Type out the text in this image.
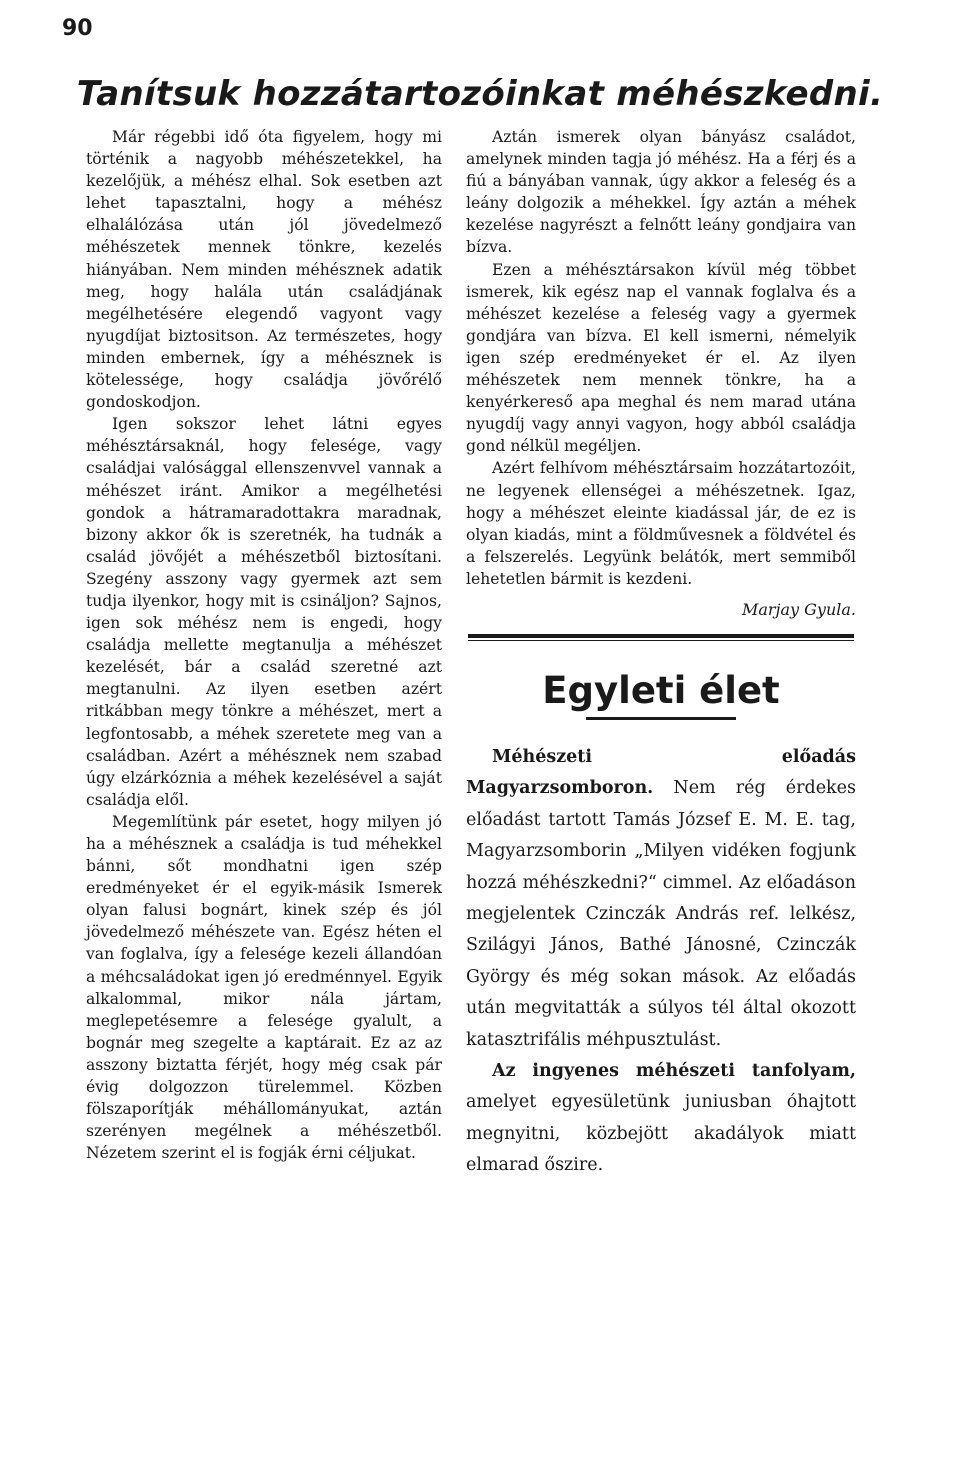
90
Tanítsuk hozzátartozóinkat méhészkedni.

Már régebbi idő óta figyelem, hogy mi történik a nagyobb méhészetekkel, ha kezelőjük, a méhész elhal. Sok esetben azt lehet tapasztalni, hogy a méhész elhalálózása után jól jövedelmező méhészetek mennek tönkre, kezelés hiányában. Nem minden méhésznek adatik meg, hogy halála után családjának megélhetésére elegendő vagyont vagy nyugdíjat biztositson. Az természetes, hogy minden embernek, így a méhésznek is kötelessége, hogy családja jövőrélő gondoskodjon.

Igen sokszor lehet látni egyes méhésztársaknál, hogy felesége, vagy családjai valósággal ellenszenvvel vannak a méhészet iránt. Amikor a megélhetési gondok a hátramaradottakra maradnak, bizony akkor ők is szeretnék, ha tudnák a család jövőjét a méhészetből biztosítani. Szegény asszony vagy gyermek azt sem tudja ilyenkor, hogy mit is csináljon? Sajnos, igen sok méhész nem is engedi, hogy családja mellette megtanulja a méhészet kezelését, bár a család szeretné azt megtanulni. Az ilyen esetben azért ritkábban megy tönkre a méhészet, mert a legfontosabb, a méhek szeretete meg van a családban. Azért a méhésznek nem szabad úgy elzárkóznia a méhek kezelésével a saját családja elől.

Megemlítünk pár esetet, hogy milyen jó ha a méhésznek a családja is tud méhekkel bánni, sőt mondhatni igen szép eredményeket ér el egyik-másik Ismerek olyan falusi bognárt, kinek szép és jól jövedelmező méhészete van. Egész héten el van foglalva, így a felesége kezeli állandóan a méhcsaládokat igen jó eredménnyel. Egyik alkalommal, mikor nála jártam, meglepetésemre a felesége gyalult, a bognár meg szegelte a kaptárait. Ez az az asszony biztatta férjét, hogy még csak pár évig dolgozzon türelemmel. Közben fölszaporítják méhállományukat, aztán szerényen megélnek a méhészetből. Nézetem szerint el is fogják érni céljukat.

Aztán ismerek olyan bányász családot, amelynek minden tagja jó méhész. Ha a férj és a fiú a bányában vannak, úgy akkor a feleség és a leány dolgozik a méhekkel. Így aztán a méhek kezelése nagyrészt a felnőtt leány gondjaira van bízva.

Ezen a méhésztársakon kívül még többet ismerek, kik egész nap el vannak foglalva és a méhészet kezelése a feleség vagy a gyermek gondjára van bízva. El kell ismerni, némelyik igen szép eredményeket ér el. Az ilyen méhészetek nem mennek tönkre, ha a kenyérkereső apa meghal és nem marad utána nyugdíj vagy annyi vagyon, hogy abból családja gond nélkül megéljen.

Azért felhívom méhésztársaim hozzátartozóit, ne legyenek ellenségei a méhészetnek. Igaz, hogy a méhészet eleinte kiadással jár, de ez is olyan kiadás, mint a földművesnek a földvétel és a felszerelés. Legyünk belátók, mert semmiből lehetetlen bármit is kezdeni.

Marjay Gyula.
Egyleti élet

Méhészeti előadás Magyarzsomboron. Nem rég érdekes előadást tartott Tamás József E. M. E. tag, Magyarzsomborin „Milyen vidéken fogjunk hozzá méhészkedni?“ cimmel. Az előadáson megjelentek Czinczák András ref. lelkész, Szilágyi János, Bathé Jánosné, Czinczák György és még sokan mások. Az előadás után megvitatták a súlyos tél által okozott katasztrifális méhpusztulást.

Az ingyenes méhészeti tanfolyam, amelyet egyesületünk juniusban óhajtott megnyitni, közbejött akadályok miatt elmarad őszire.
